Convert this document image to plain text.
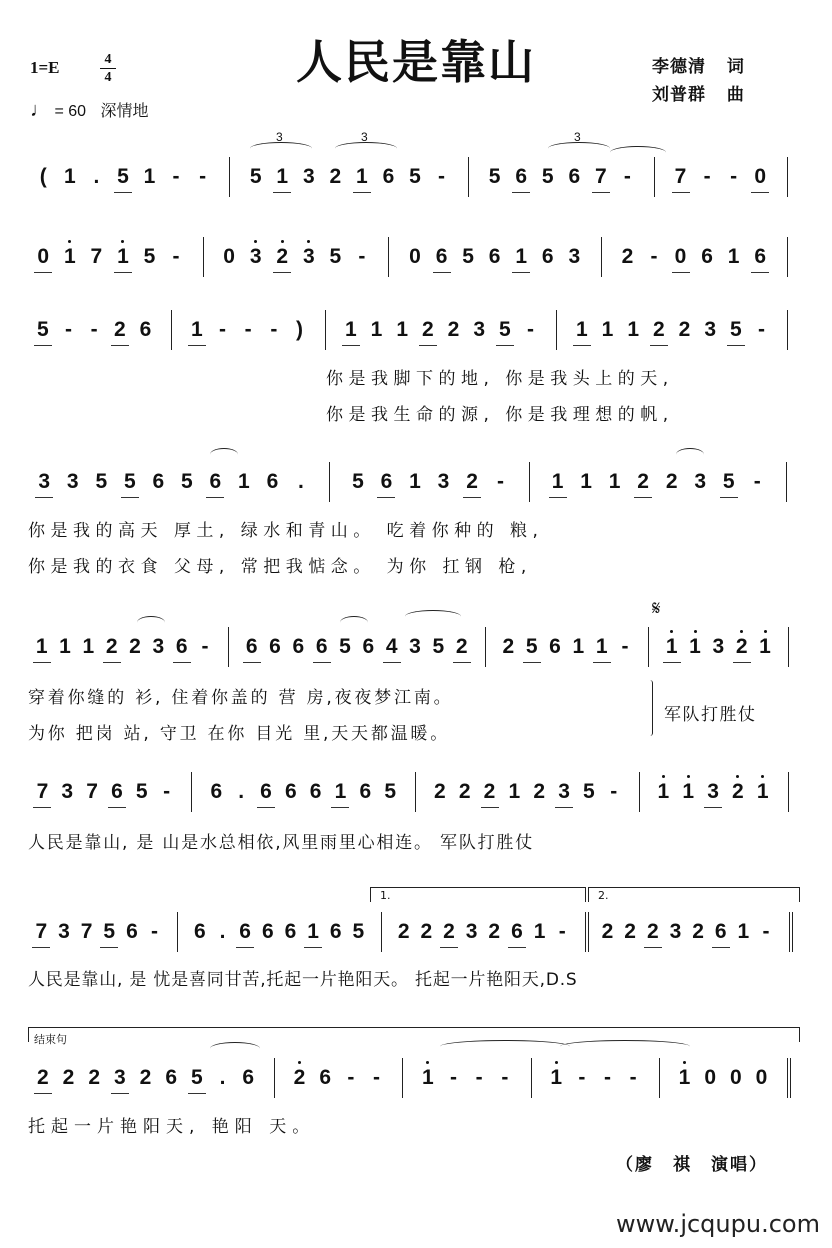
人民是靠山
1=E	4
4
♩ = 60 深情地
李德清 词
刘普群 曲
( 1 . 5 1 - - 5 1 3 2 1 6 5 - 5 6 5 6 7 - 7 - - 0
0 1 7 1 5 - 0 3 2 3 5 - 0 6 5 6 1 6 3 2 - 0 6 1 6
5 - - 2 6 1 - - - ) 1 1 1 2 2 3 5 - 1 1 1 2 2 3 5 -
3 3 5 5 6 5 6 1 6 . 5 6 1 3 2 - 1 1 1 2 2 3 5 -
1 1 1 2 2 3 6 - 6 6 6 6 5 6 4 3 5 2 2 5 6 1 1 - 1 1 3 2 1
7 3 7 6 5 - 6 . 6 6 6 1 6 5 2 2 2 1 2 3 5 - 1 1 3 2 1
7 3 7 5 6 - 6 . 6 6 6 1 6 5 2 2 2 3 2 6 1 - 2 2 2 3 2 6 1 -
2 2 2 3 2 6 5 . 6 2 6 - - 1 - - - 1 - - - 1 0 0 0
你是我脚下的地, 你是我头上的天,
你是我生命的源, 你是我理想的帆,
你是我的高天 厚土, 绿水和青山。 吃着你种的 粮,
你是我的衣食 父母, 常把我惦念。 为你 扛钢 枪,
穿着你缝的 衫, 住着你盖的 营 房,夜夜梦江南。
为你 把岗 站, 守卫 在你 目光 里,天天都温暖。
军队打胜仗
人民是靠山, 是 山是水总相依,风里雨里心相连。 军队打胜仗
人民是靠山, 是 忧是喜同甘苦,托起一片艳阳天。 托起一片艳阳天,D.S
托起一片艳阳天, 艳阳 天。
𝄋
1.	2.
结束句
（廖　祺　演唱）
www.jcqupu.com
3	3	3
